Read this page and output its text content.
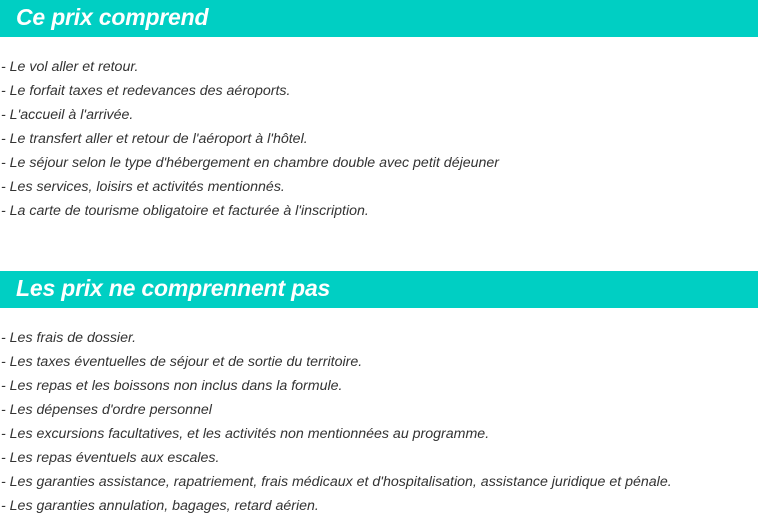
Ce prix comprend
- Le vol aller et retour.
- Le forfait taxes et redevances des aéroports.
- L'accueil à l'arrivée.
- Le transfert aller et retour de l'aéroport à l'hôtel.
- Le séjour selon le type d'hébergement en chambre double avec petit déjeuner
- Les services, loisirs et activités mentionnés.
- La carte de tourisme obligatoire et facturée à l'inscription.
Les prix ne comprennent pas
- Les frais de dossier.
- Les taxes éventuelles de séjour et de sortie du territoire.
- Les repas et les boissons non inclus dans la formule.
- Les dépenses d'ordre personnel
- Les excursions facultatives, et les activités non mentionnées au programme.
- Les repas éventuels aux escales.
- Les garanties assistance, rapatriement, frais médicaux et d'hospitalisation, assistance juridique et pénale.
- Les garanties annulation, bagages, retard aérien.
